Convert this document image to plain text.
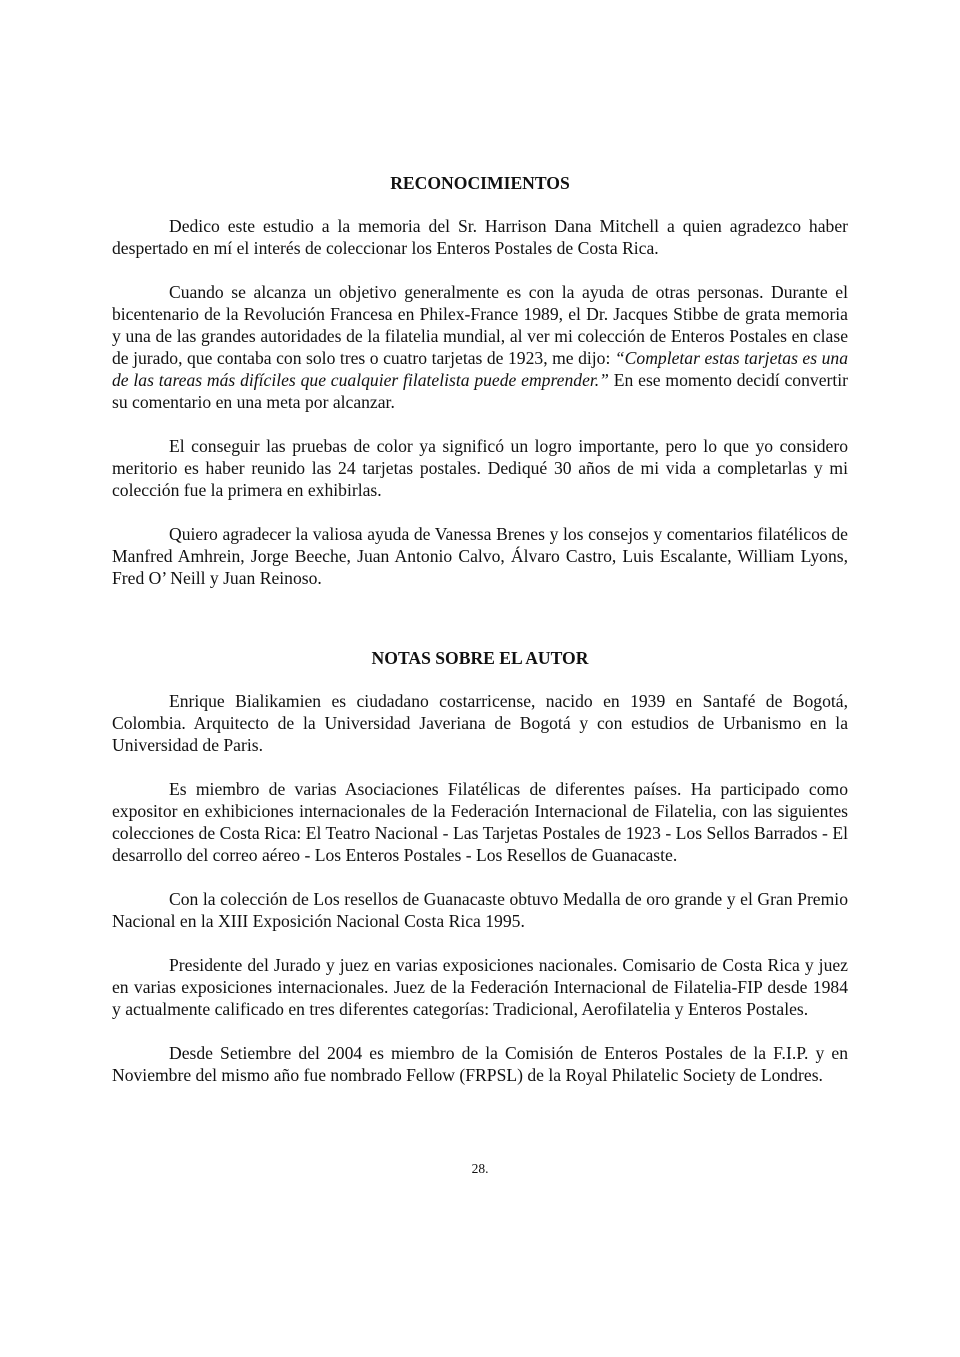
RECONOCIMIENTOS

Dedico este estudio a la memoria del Sr. Harrison Dana Mitchell a quien agradezco haber despertado en mí el interés de coleccionar los Enteros Postales de Costa Rica.

Cuando se alcanza un objetivo generalmente es con la ayuda de otras personas. Durante el bicentenario de la Revolución Francesa en Philex-France 1989, el Dr. Jacques Stibbe de grata memoria y una de las grandes autoridades de la filatelia mundial, al ver mi colección de Enteros Postales en clase de jurado, que contaba con solo tres o cuatro tarjetas de 1923, me dijo: “Completar estas tarjetas es una de las tareas más difíciles que cualquier filatelista puede emprender.” En ese momento decidí convertir su comentario en una meta por alcanzar.

El conseguir las pruebas de color ya significó un logro importante, pero lo que yo considero meritorio es haber reunido las 24 tarjetas postales. Dediqué 30 años de mi vida a completarlas y mi colección fue la primera en exhibirlas.

Quiero agradecer la valiosa ayuda de Vanessa Brenes y los consejos y comentarios filatélicos de Manfred Amhrein, Jorge Beeche, Juan Antonio Calvo, Álvaro Castro, Luis Escalante, William Lyons, Fred O’ Neill y Juan Reinoso.

NOTAS SOBRE EL AUTOR

Enrique Bialikamien es ciudadano costarricense, nacido en 1939 en Santafé de Bogotá, Colombia. Arquitecto de la Universidad Javeriana de Bogotá y con estudios de Urbanismo en la Universidad de Paris.

Es miembro de varias Asociaciones Filatélicas de diferentes países. Ha participado como expositor en exhibiciones internacionales de la Federación Internacional de Filatelia, con las siguientes colecciones de Costa Rica: El Teatro Nacional - Las Tarjetas Postales de 1923 - Los Sellos Barrados - El desarrollo del correo aéreo - Los Enteros Postales - Los Resellos de Guanacaste.

Con la colección de Los resellos de Guanacaste obtuvo Medalla de oro grande y el Gran Premio Nacional en la XIII Exposición Nacional Costa Rica 1995.

Presidente del Jurado y juez en varias exposiciones nacionales. Comisario de Costa Rica y juez en varias exposiciones internacionales. Juez de la Federación Internacional de Filatelia-FIP desde 1984 y actualmente calificado en tres diferentes categorías: Tradicional, Aerofilatelia y Enteros Postales.

Desde Setiembre del 2004 es miembro de la Comisión de Enteros Postales de la F.I.P. y en Noviembre del mismo año fue nombrado Fellow (FRPSL) de la Royal Philatelic Society de Londres.

28.
